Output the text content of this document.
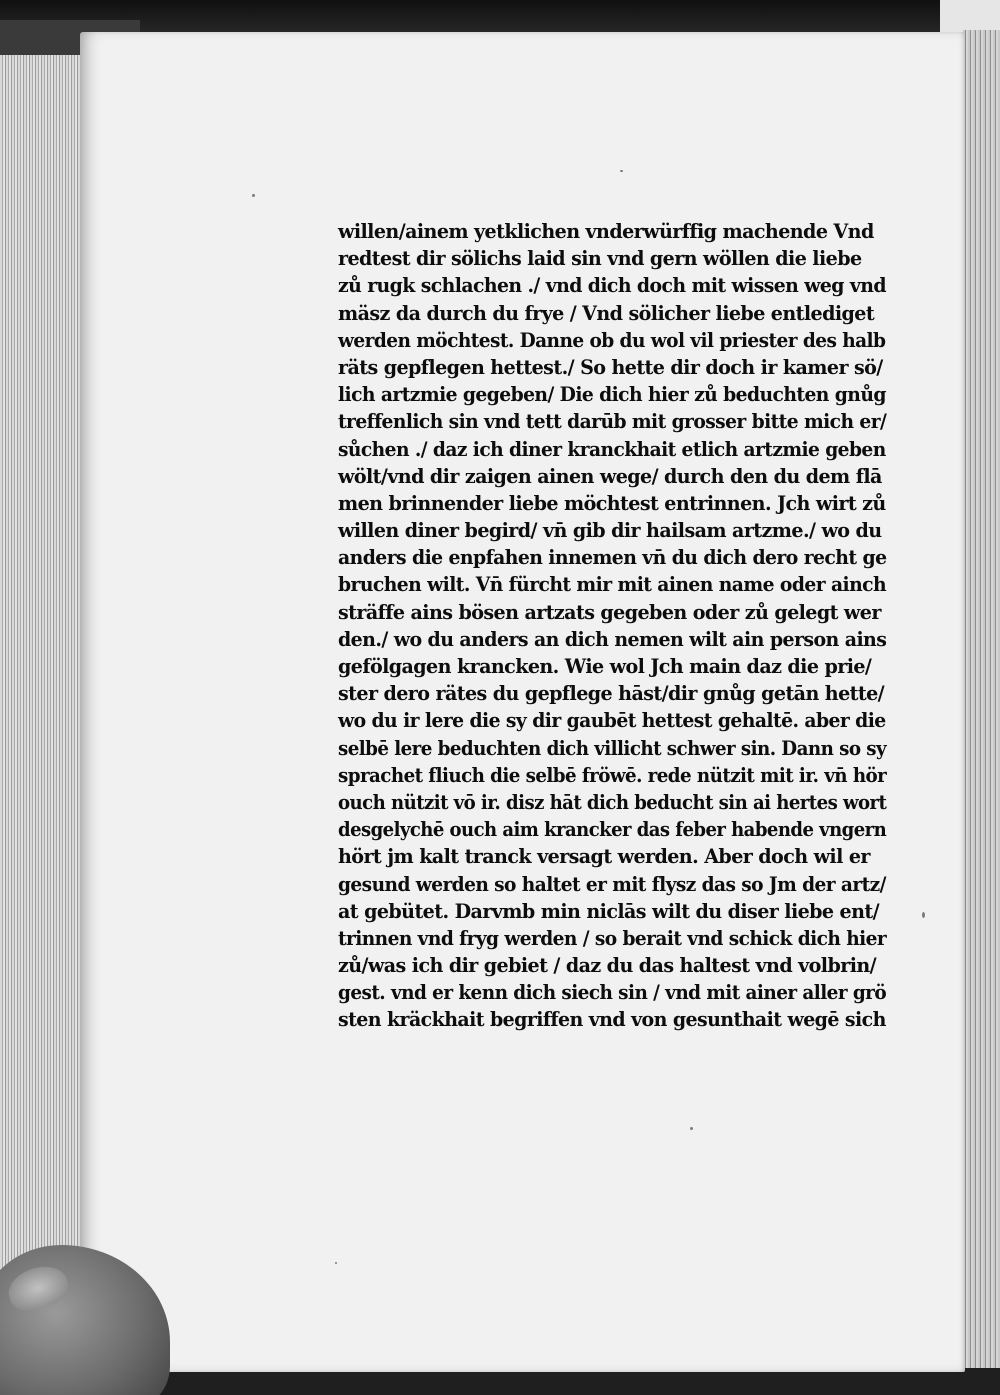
willen/ainem yetklichen vnderwürffig machende Vnd
redtest dir sölichs laid sin vnd gern wöllen die liebe
zů rugk schlachen ./ vnd dich doch mit wissen weg vnd
mäsz da durch du frye / Vnd sölicher liebe entlediget
werden möchtest. Danne ob du wol vil priester des halb
räts gepflegen hettest./ So hette dir doch ir kamer sö/
lich artzmie gegeben/ Die dich hier zů beduchten gnůg
treffenlich sin vnd tett darūb mit grosser bitte mich er/
sůchen ./ daz ich diner kranckhait etlich artzmie geben
wölt/vnd dir zaigen ainen wege/ durch den du dem flā
men brinnender liebe möchtest entrinnen. Jch wirt zů
willen diner begird/ vn̄ gib dir hailsam artzme./ wo du
anders die enpfahen innemen vn̄ du dich dero recht ge
bruchen wilt. Vn̄ fürcht mir mit ainen name oder ainch
sträffe ains bösen artzats gegeben oder zů gelegt wer
den./ wo du anders an dich nemen wilt ain person ains
gefölgagen krancken. Wie wol Jch main daz die prie/
ster dero rätes du gepflege hāst/dir gnůg getān hette/
wo du ir lere die sy dir gaubēt hettest gehaltē. aber die
selbē lere beduchten dich villicht schwer sin. Dann so sy
sprachet fliuch die selbē fröwē. rede nützit mit ir. vn̄ hör
ouch nützit vō ir. disz hāt dich beducht sin ai hertes wort
desgelychē ouch aim krancker das feber habende vngern
hört jm kalt tranck versagt werden. Aber doch wil er
gesund werden so haltet er mit flysz das so Jm der artz/
at gebütet. Darvmb min niclās wilt du diser liebe ent/
trinnen vnd fryg werden / so berait vnd schick dich hier
zů/was ich dir gebiet / daz du das haltest vnd volbrin/
gest. vnd er kenn dich siech sin / vnd mit ainer aller grö
sten kräckhait begriffen vnd von gesunthait wegē sich
